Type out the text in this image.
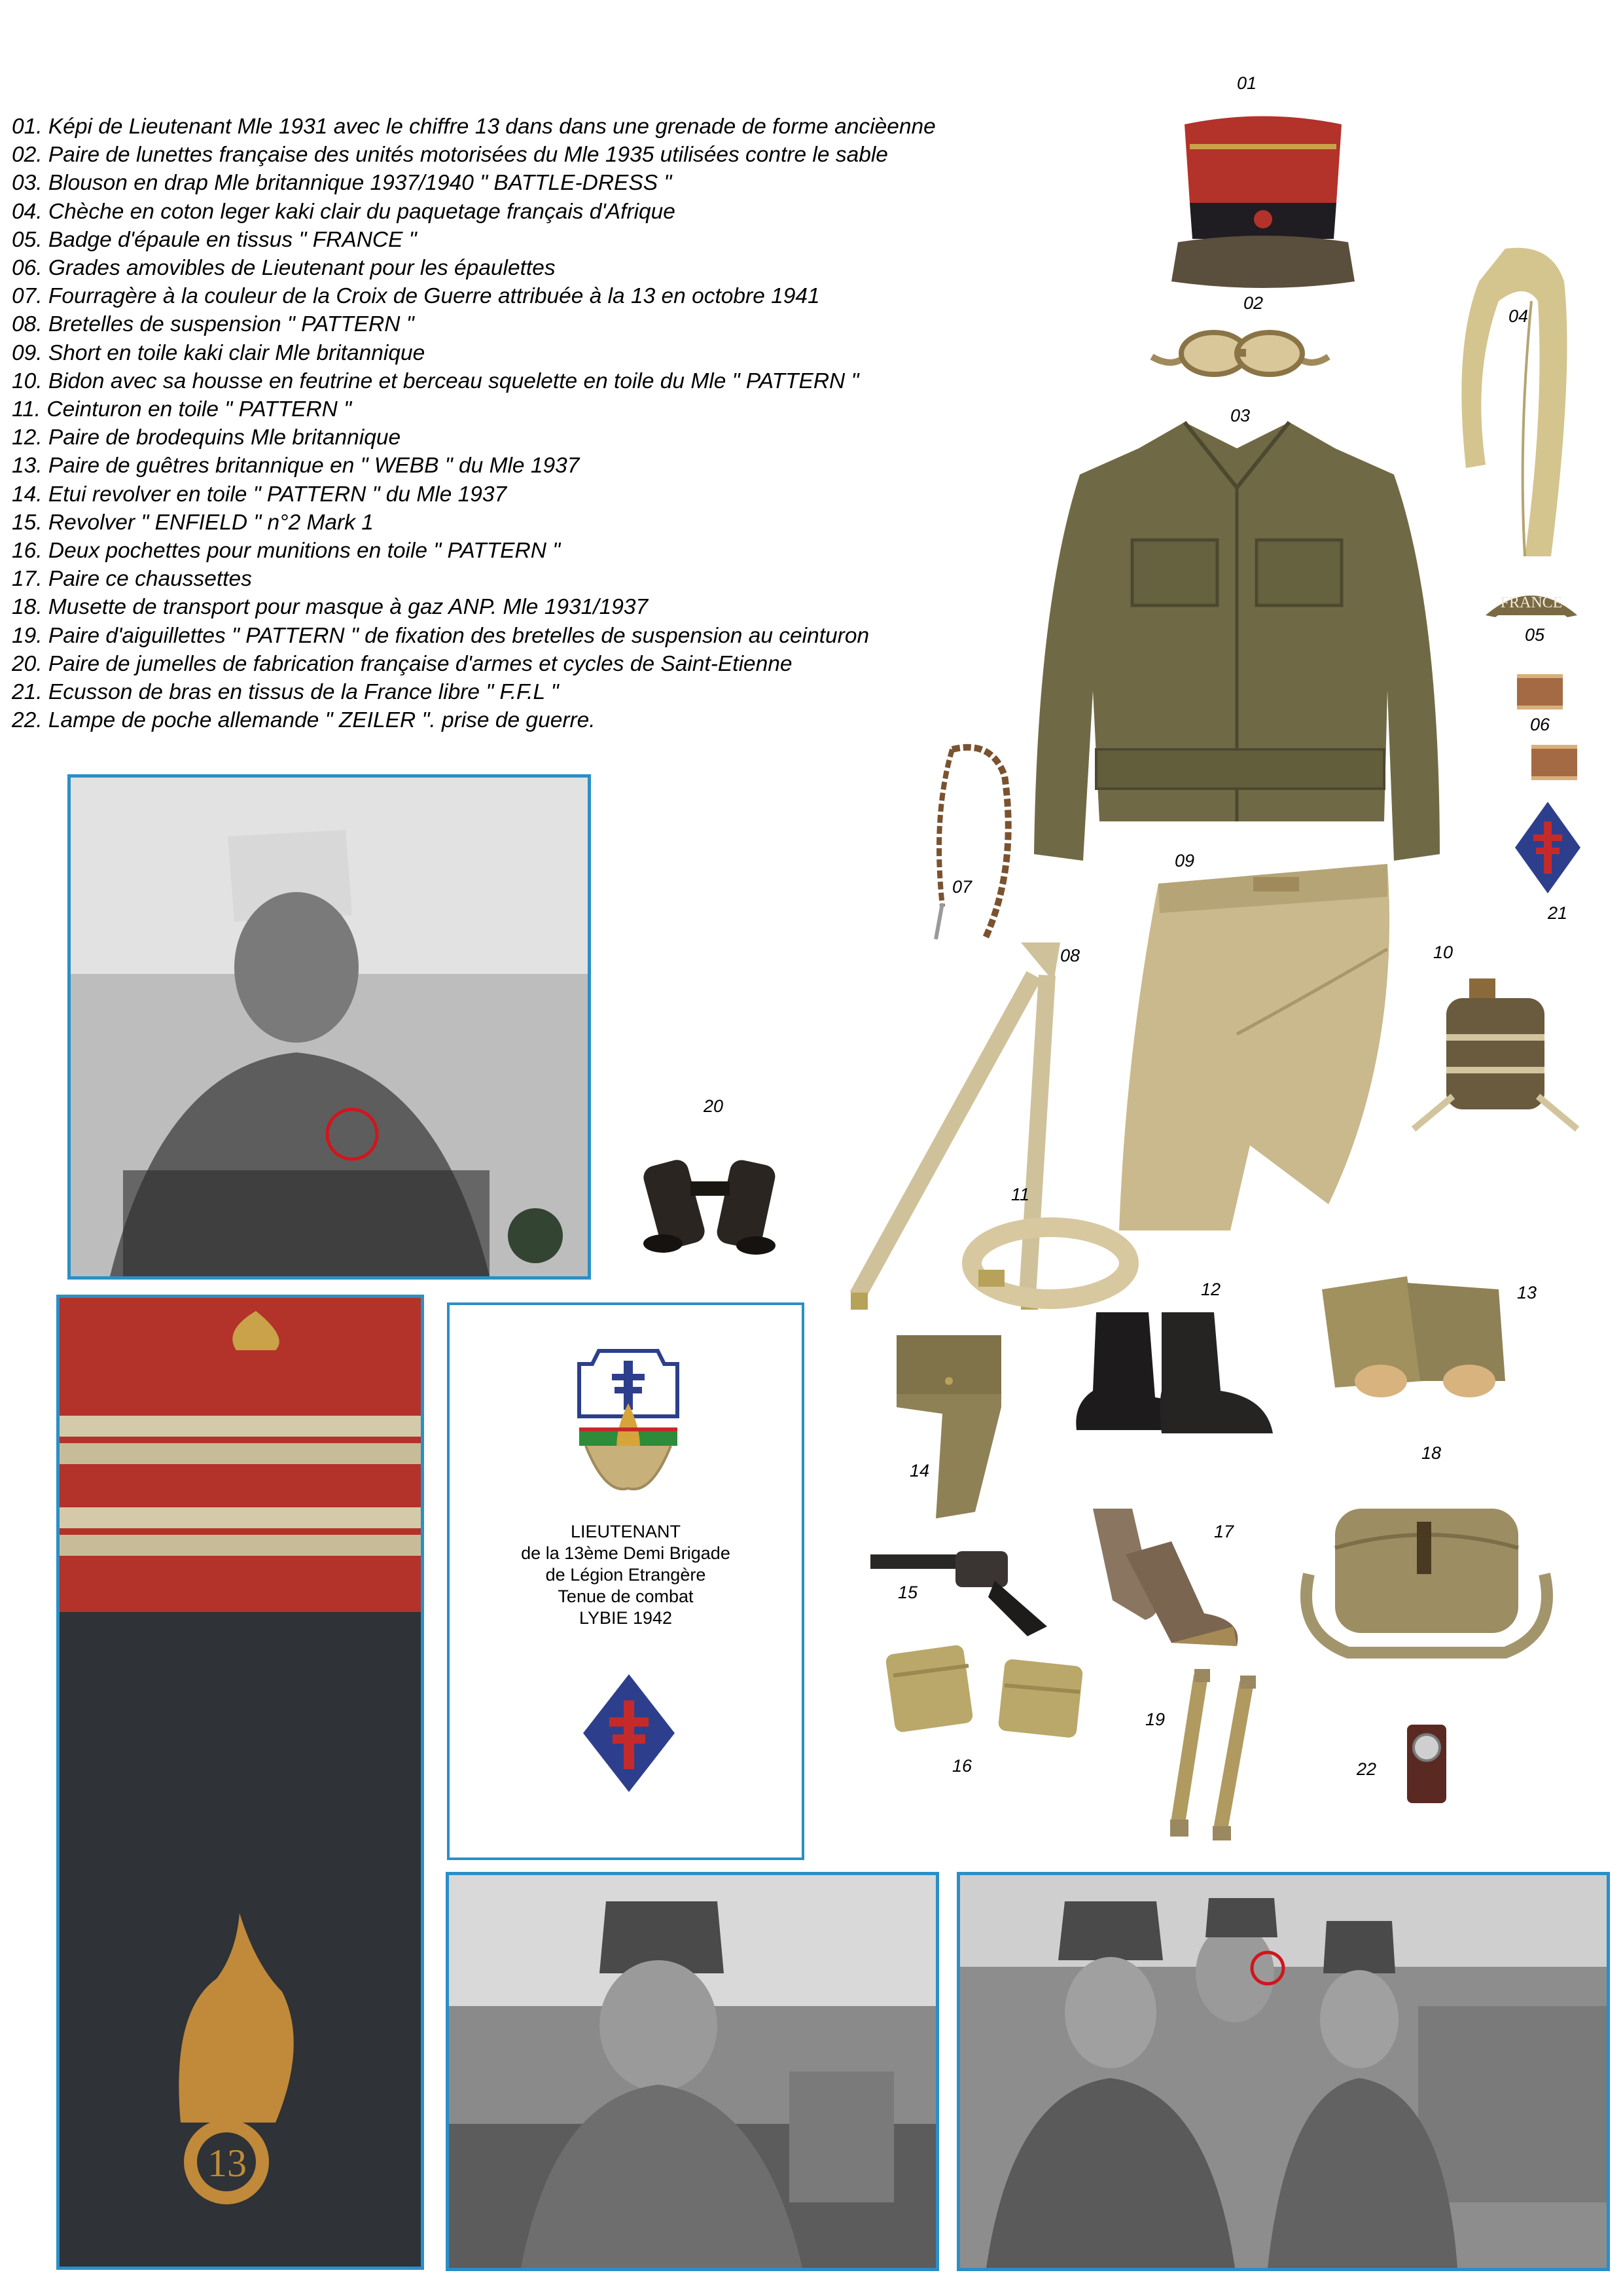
01. Képi de Lieutenant Mle 1931 avec le chiffre 13 dans dans une grenade de forme ancièenne
02. Paire de lunettes française des unités motorisées du Mle 1935 utilisées contre le sable
03. Blouson en drap Mle britannique 1937/1940 " BATTLE-DRESS "
04. Chèche en coton leger kaki clair du paquetage français d'Afrique
05. Badge d'épaule en tissus " FRANCE "
06. Grades amovibles de Lieutenant pour les épaulettes
07. Fourragère à la couleur de la Croix de Guerre attribuée à la 13 en octobre 1941
08. Bretelles de suspension " PATTERN "
09. Short en toile kaki clair Mle britannique
10. Bidon avec sa housse en feutrine et berceau squelette en toile du Mle " PATTERN "
11. Ceinturon en toile " PATTERN "
12. Paire de brodequins Mle britannique
13. Paire de guêtres britannique en " WEBB " du Mle 1937
14. Etui revolver en toile " PATTERN " du Mle 1937
15. Revolver " ENFIELD " n°2 Mark 1
16. Deux pochettes pour munitions en toile " PATTERN "
17. Paire ce chaussettes
18. Musette de transport pour masque à gaz ANP. Mle 1931/1937
19. Paire d'aiguillettes " PATTERN " de fixation des bretelles de suspension au ceinturon
20. Paire de jumelles de fabrication française d'armes et cycles de Saint-Etienne
21. Ecusson de bras en tissus de la France libre " F.F.L "
22. Lampe de poche allemande " ZEILER ". prise de guerre.
01
02
04
03
FRANCE
05
06
21
07
09
08	10
20
11
12	13
14
18
17
15
16
19
22
13
LIEUTENANT
de la 13ème Demi Brigade
de Légion Etrangère
Tenue de combat
LYBIE 1942
